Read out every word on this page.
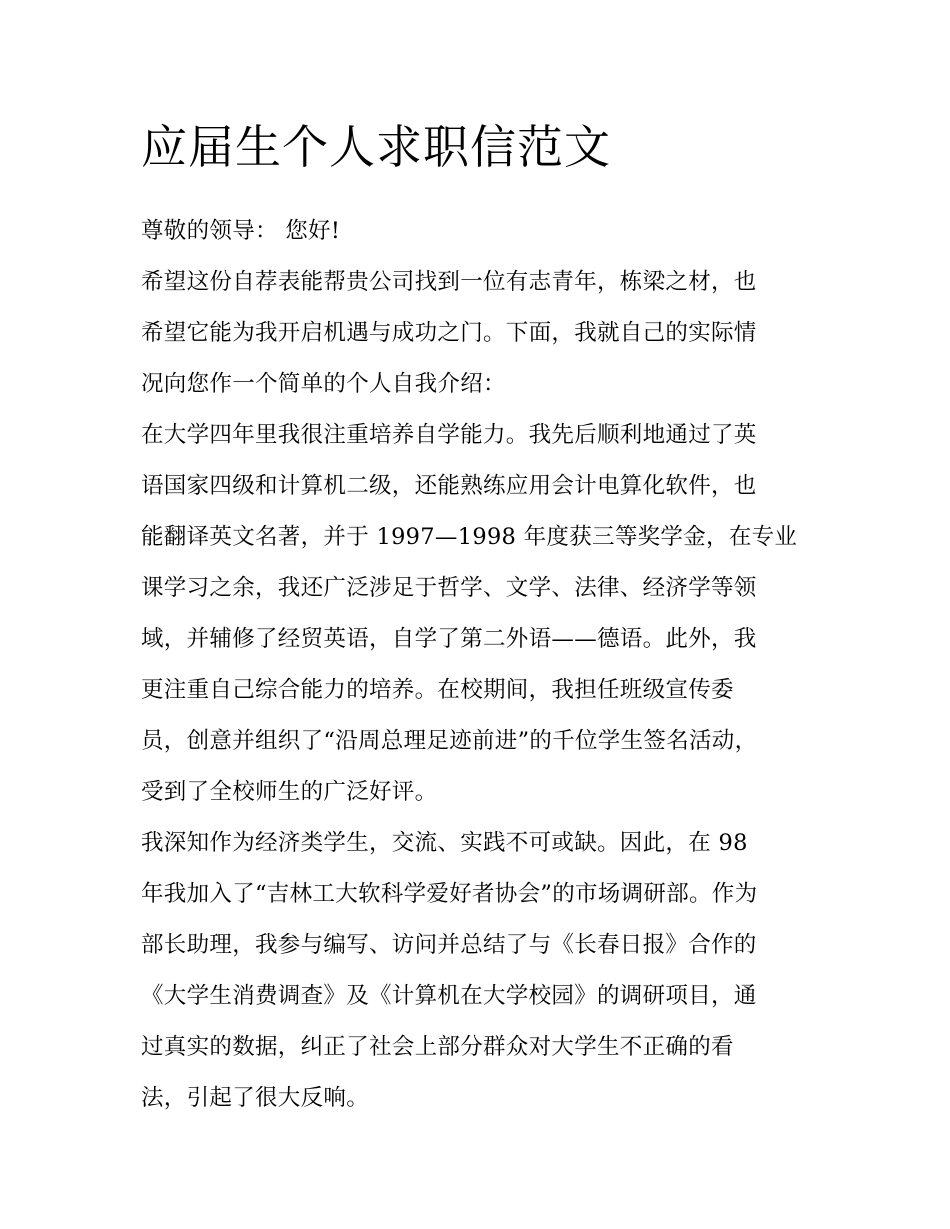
应届生个人求职信范文

尊敬的领导： 您好!

希望这份自荐表能帮贵公司找到一位有志青年，栋梁之材，也
希望它能为我开启机遇与成功之门。下面，我就自己的实际情
况向您作一个简单的个人自我介绍：

在大学四年里我很注重培养自学能力。我先后顺利地通过了英
语国家四级和计算机二级，还能熟练应用会计电算化软件，也
能翻译英文名著，并于 1997—1998 年度获三等奖学金，在专业
课学习之余，我还广泛涉足于哲学、文学、法律、经济学等领
域，并辅修了经贸英语，自学了第二外语——德语。此外，我
更注重自己综合能力的培养。在校期间，我担任班级宣传委
员，创意并组织了“沿周总理足迹前进”的千位学生签名活动，
受到了全校师生的广泛好评。

我深知作为经济类学生，交流、实践不可或缺。因此，在 98
年我加入了“吉林工大软科学爱好者协会”的市场调研部。作为
部长助理，我参与编写、访问并总结了与《长春日报》合作的
《大学生消费调查》及《计算机在大学校园》的调研项目，通
过真实的数据，纠正了社会上部分群众对大学生不正确的看
法，引起了很大反响。
